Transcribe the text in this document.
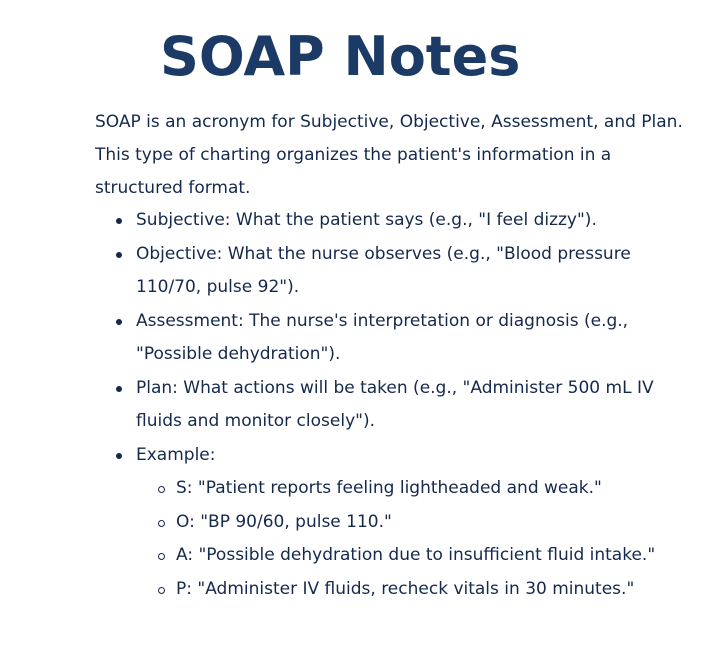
SOAP Notes

SOAP is an acronym for Subjective, Objective, Assessment, and Plan. This type of charting organizes the patient's information in a structured format.

Subjective: What the patient says (e.g., "I feel dizzy").
Objective: What the nurse observes (e.g., "Blood pressure 110/70, pulse 92").
Assessment: The nurse's interpretation or diagnosis (e.g., "Possible dehydration").
Plan: What actions will be taken (e.g., "Administer 500 mL IV fluids and monitor closely").
Example:
S: "Patient reports feeling lightheaded and weak."
O: "BP 90/60, pulse 110."
A: "Possible dehydration due to insufficient fluid intake."
P: "Administer IV fluids, recheck vitals in 30 minutes."
